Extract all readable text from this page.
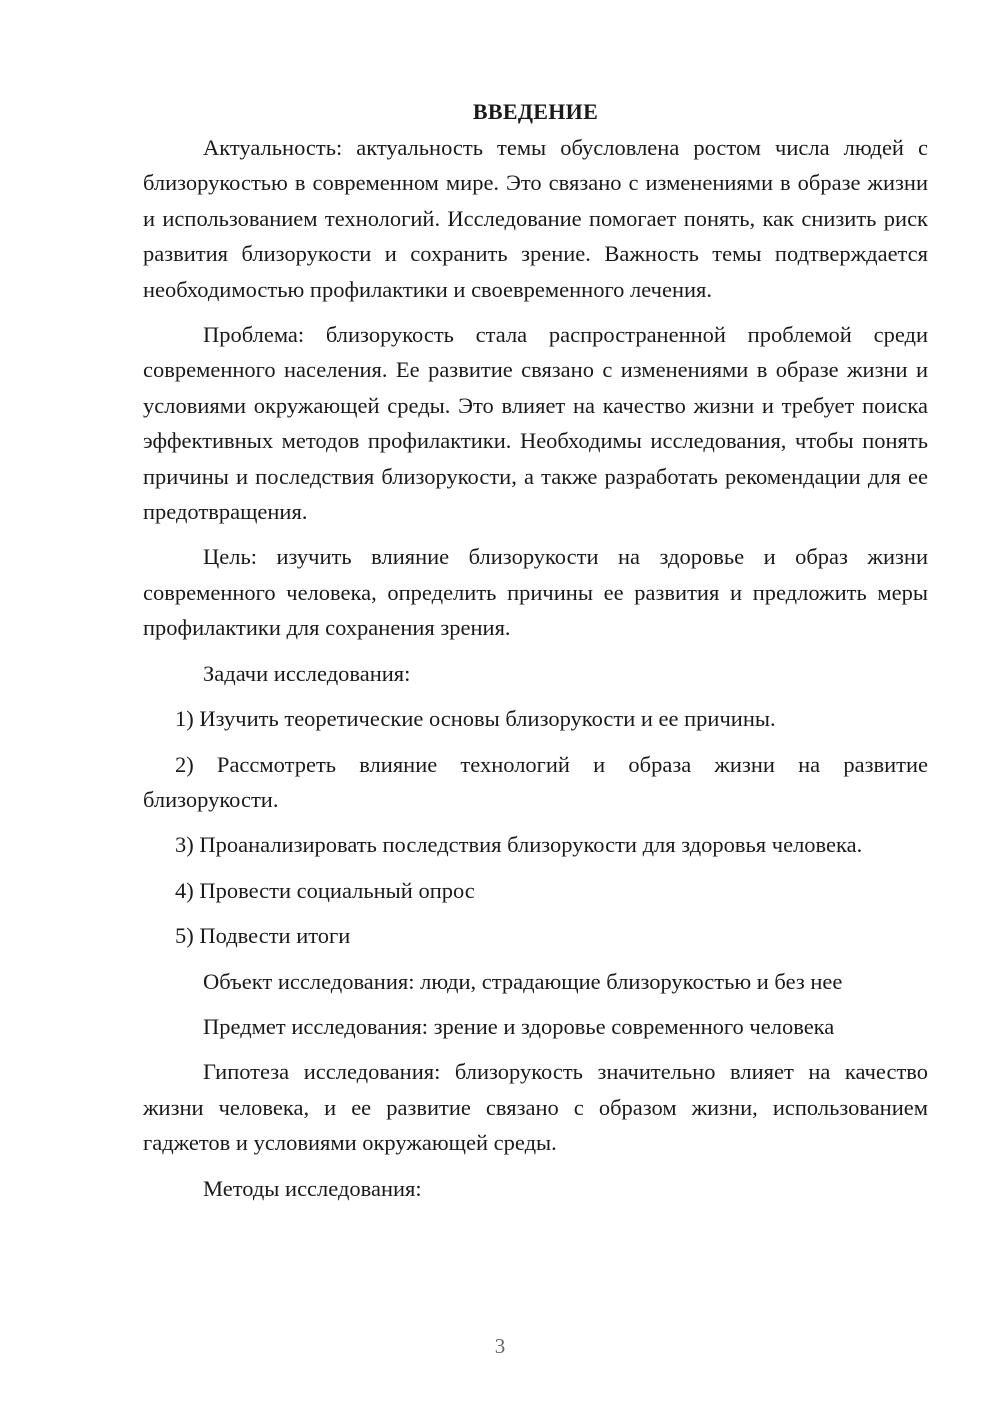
ВВЕДЕНИЕ

Актуальность: актуальность темы обусловлена ростом числа людей с близорукостью в современном мире. Это связано с изменениями в образе жизни и использованием технологий. Исследование помогает понять, как снизить риск развития близорукости и сохранить зрение. Важность темы подтверждается необходимостью профилактики и своевременного лечения.

Проблема: близорукость стала распространенной проблемой среди современного населения. Ее развитие связано с изменениями в образе жизни и условиями окружающей среды. Это влияет на качество жизни и требует поиска эффективных методов профилактики. Необходимы исследования, чтобы понять причины и последствия близорукости, а также разработать рекомендации для ее предотвращения.

Цель: изучить влияние близорукости на здоровье и образ жизни современного человека, определить причины ее развития и предложить меры профилактики для сохранения зрения.

Задачи исследования:

1) Изучить теоретические основы близорукости и ее причины.

2) Рассмотреть влияние технологий и образа жизни на развитие близорукости.

3) Проанализировать последствия близорукости для здоровья человека.

4) Провести социальный опрос

5) Подвести итоги

Объект исследования: люди, страдающие близорукостью и без нее

Предмет исследования: зрение и здоровье современного человека

Гипотеза исследования: близорукость значительно влияет на качество жизни человека, и ее развитие связано с образом жизни, использованием гаджетов и условиями окружающей среды.

Методы исследования:

3
